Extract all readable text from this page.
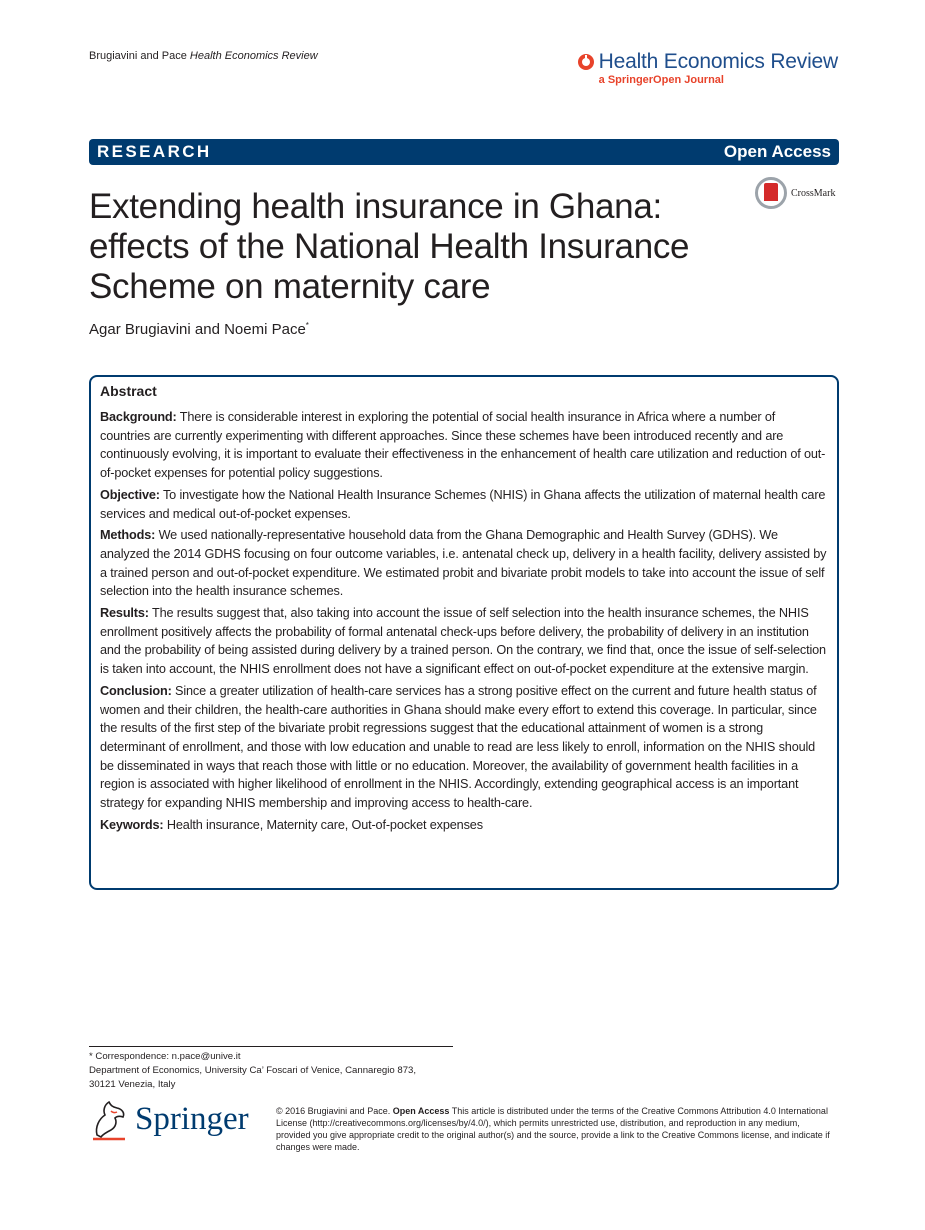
Brugiavini and Pace Health Economics Review	Health Economics Review
a SpringerOpen Journal
RESEARCH	Open Access
Extending health insurance in Ghana:
effects of the National Health Insurance
Scheme on maternity care
CrossMark
Agar Brugiavini and Noemi Pace*
Abstract

Background: There is considerable interest in exploring the potential of social health insurance in Africa where a number of countries are currently experimenting with different approaches. Since these schemes have been introduced recently and are continuously evolving, it is important to evaluate their effectiveness in the enhancement of health care utilization and reduction of out-of-pocket expenses for potential policy suggestions.

Objective: To investigate how the National Health Insurance Schemes (NHIS) in Ghana affects the utilization of maternal health care services and medical out-of-pocket expenses.

Methods: We used nationally-representative household data from the Ghana Demographic and Health Survey (GDHS). We analyzed the 2014 GDHS focusing on four outcome variables, i.e. antenatal check up, delivery in a health facility, delivery assisted by a trained person and out-of-pocket expenditure. We estimated probit and bivariate probit models to take into account the issue of self selection into the health insurance schemes.

Results: The results suggest that, also taking into account the issue of self selection into the health insurance schemes, the NHIS enrollment positively affects the probability of formal antenatal check-ups before delivery, the probability of delivery in an institution and the probability of being assisted during delivery by a trained person. On the contrary, we find that, once the issue of self-selection is taken into account, the NHIS enrollment does not have a significant effect on out-of-pocket expenditure at the extensive margin.

Conclusion: Since a greater utilization of health-care services has a strong positive effect on the current and future health status of women and their children, the health-care authorities in Ghana should make every effort to extend this coverage. In particular, since the results of the first step of the bivariate probit regressions suggest that the educational attainment of women is a strong determinant of enrollment, and those with low education and unable to read are less likely to enroll, information on the NHIS should be disseminated in ways that reach those with little or no education. Moreover, the availability of government health facilities in a region is associated with higher likelihood of enrollment in the NHIS. Accordingly, extending geographical access is an important strategy for expanding NHIS membership and improving access to health-care.

Keywords: Health insurance, Maternity care, Out-of-pocket expenses

* Correspondence: n.pace@unive.it
Department of Economics, University Ca’ Foscari of Venice, Cannaregio 873,
30121 Venezia, Italy
Springer	© 2016 Brugiavini and Pace. Open Access This article is distributed under the terms of the Creative Commons Attribution 4.0 International License (http://creativecommons.org/licenses/by/4.0/), which permits unrestricted use, distribution, and reproduction in any medium, provided you give appropriate credit to the original author(s) and the source, provide a link to the Creative Commons license, and indicate if changes were made.
